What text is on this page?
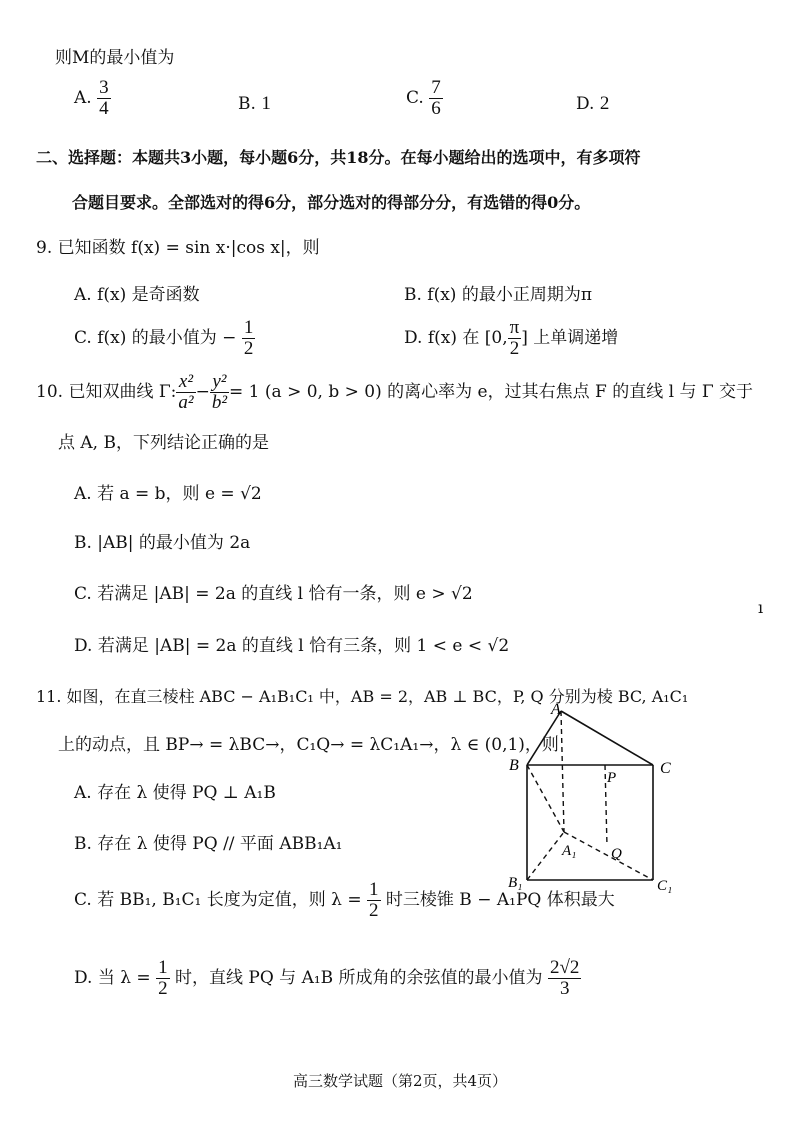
则M的最小值为
A. $\frac{3}{4}$	B. 1	C. $\frac{7}{6}$	D. 2
二、选择题：本题共3小题，每小题6分，共18分。在每小题给出的选项中，有多项符
合题目要求。全部选对的得6分，部分选对的得部分分，有选错的得0分。
9. 已知函数 f(x) = sin x·|cos x|，则
A. f(x) 是奇函数	B. f(x) 的最小正周期为π
C. f(x) 的最小值为 − $\frac{1}{2}$	D. f(x) 在 [0, $\frac{\pi}{2}$ ] 上单调递增
10. 已知双曲线 Γ: $\frac{\text{x²}}{\text{a²}} - \frac{\text{y²}}{\text{b²}} = 1$ (a > 0, b > 0) 的离心率为 e，过其右焦点 F 的直线 l 与 Γ 交于
点 A, B，下列结论正确的是
A. 若 a = b，则 e = √2
B. |AB| 的最小值为 2a
C. 若满足 |AB| = 2a 的直线 l 恰有一条，则 e > √2
D. 若满足 |AB| = 2a 的直线 l 恰有三条，则 1 < e < √2
ı
11. 如图，在直三棱柱 ABC − A₁B₁C₁ 中，AB = 2，AB ⊥ BC，P, Q 分别为棱 BC, A₁C₁
上的动点，且 BP→ = λBC→，C₁Q→ = λC₁A₁→，λ ∈ (0,1)，则
A. 存在 λ 使得 PQ ⊥ A₁B
B. 存在 λ 使得 PQ // 平面 ABB₁A₁
C. 若 BB₁, B₁C₁ 长度为定值，则 $\lambda = \frac{1}{2}$ 时三棱锥 B − A₁PQ 体积最大
D. 当 $\lambda = \frac{1}{2}$ 时，直线 PQ 与 A₁B 所成角的余弦值的最小值为 $\frac{2√2}{3}$
A
B	C
P
A₁ Q
B₁	C₁
高三数学试题（第2页，共4页）
